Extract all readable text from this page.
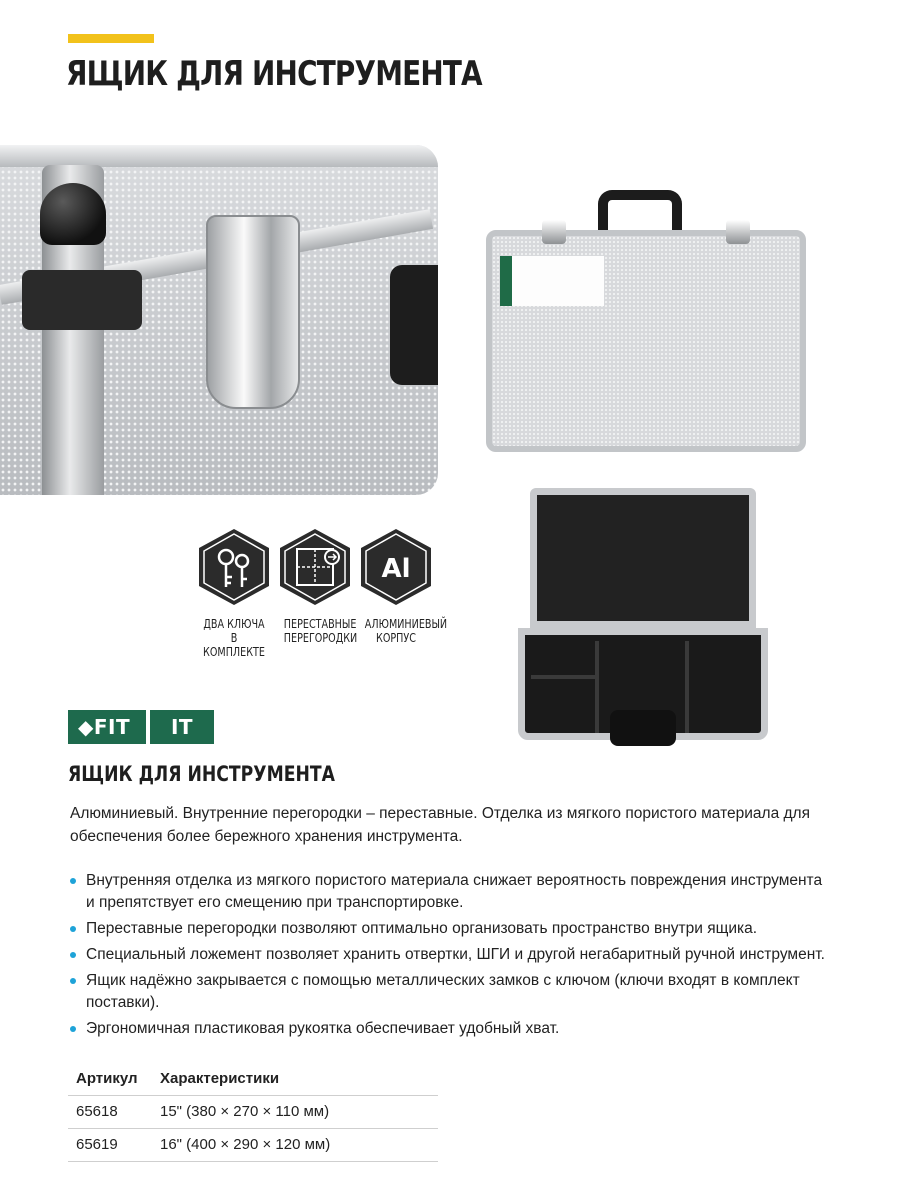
ЯЩИК ДЛЯ ИНСТРУМЕНТА
ДВА КЛЮЧА
В КОМПЛЕКТЕ
ПЕРЕСТАВНЫЕ
ПЕРЕГОРОДКИ
Al
АЛЮМИНИЕВЫЙ
КОРПУС
◆FIT	IT
ЯЩИК ДЛЯ ИНСТРУМЕНТА

Алюминиевый. Внутренние перегородки – переставные. Отделка из мягкого пористого материала для обеспечения более бережного хранения инструмента.

Внутренняя отделка из мягкого пористого материала снижает вероятность повреждения инструмента и препятствует его смещению при транспортировке.
Переставные перегородки позволяют оптимально организовать пространство внутри ящика.
Специальный ложемент позволяет хранить отвертки, ШГИ и другой негабаритный ручной инструмент.
Ящик надёжно закрывается с помощью металлических замков с ключом (ключи входят в комплект поставки).
Эргономичная пластиковая рукоятка обеспечивает удобный хват.
Артикул	Характеристики
65618	15" (380 × 270 × 110 мм)
65619	16" (400 × 290 × 120 мм)
